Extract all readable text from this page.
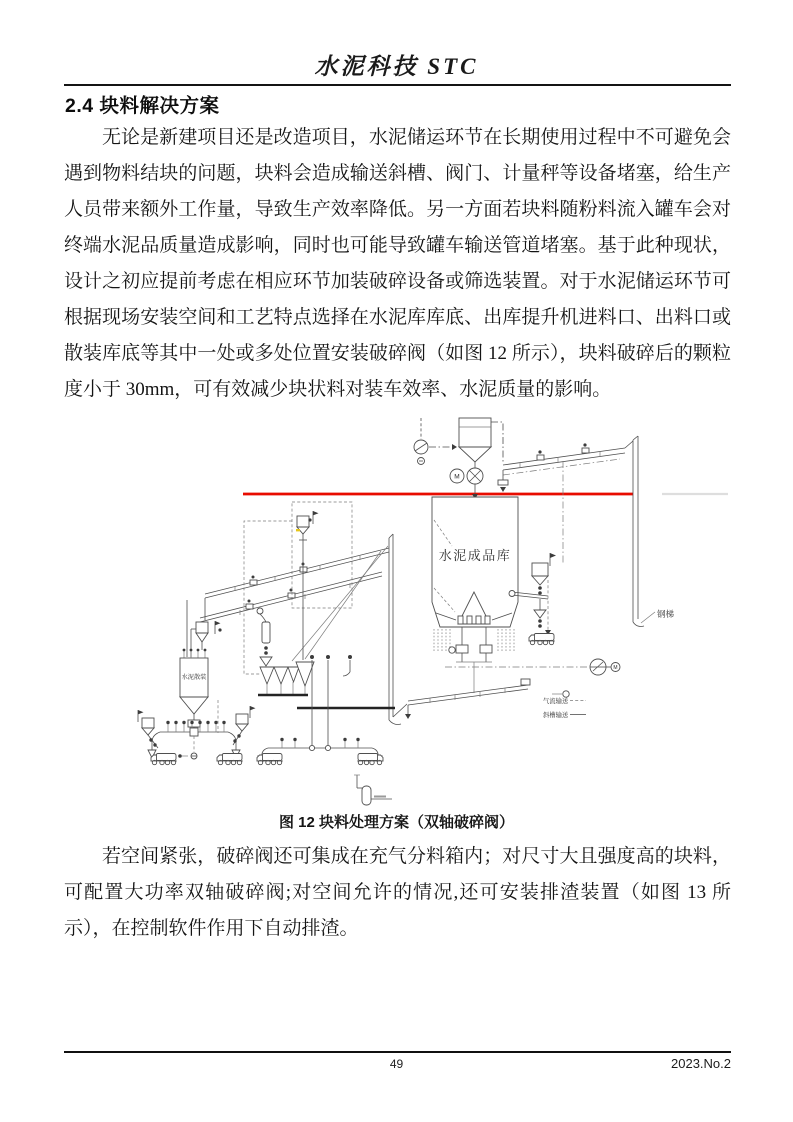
水泥科技 STC
2.4 块料解决方案
无论是新建项目还是改造项目，水泥储运环节在长期使用过程中不可避免会遇到物料结块的问题，块料会造成输送斜槽、阀门、计量秤等设备堵塞，给生产人员带来额外工作量，导致生产效率降低。另一方面若块料随粉料流入罐车会对终端水泥品质量造成影响，同时也可能导致罐车输送管道堵塞。基于此种现状，设计之初应提前考虑在相应环节加装破碎设备或筛选装置。对于水泥储运环节可根据现场安装空间和工艺特点选择在水泥库库底、出库提升机进料口、出料口或散装库底等其中一处或多处位置安装破碎阀（如图 12 所示），块料破碎后的颗粒度小于 30mm，可有效减少块状料对装车效率、水泥质量的影响。
M
钢梯
水泥成品库
M
气流输送
斜槽输送
水泥散装
图 12 块料处理方案（双轴破碎阀）
若空间紧张，破碎阀还可集成在充气分料箱内；对尺寸大且强度高的块料，可配置大功率双轴破碎阀;对空间允许的情况,还可安装排渣装置（如图 13 所示），在控制软件作用下自动排渣。
49	2023.No.2
